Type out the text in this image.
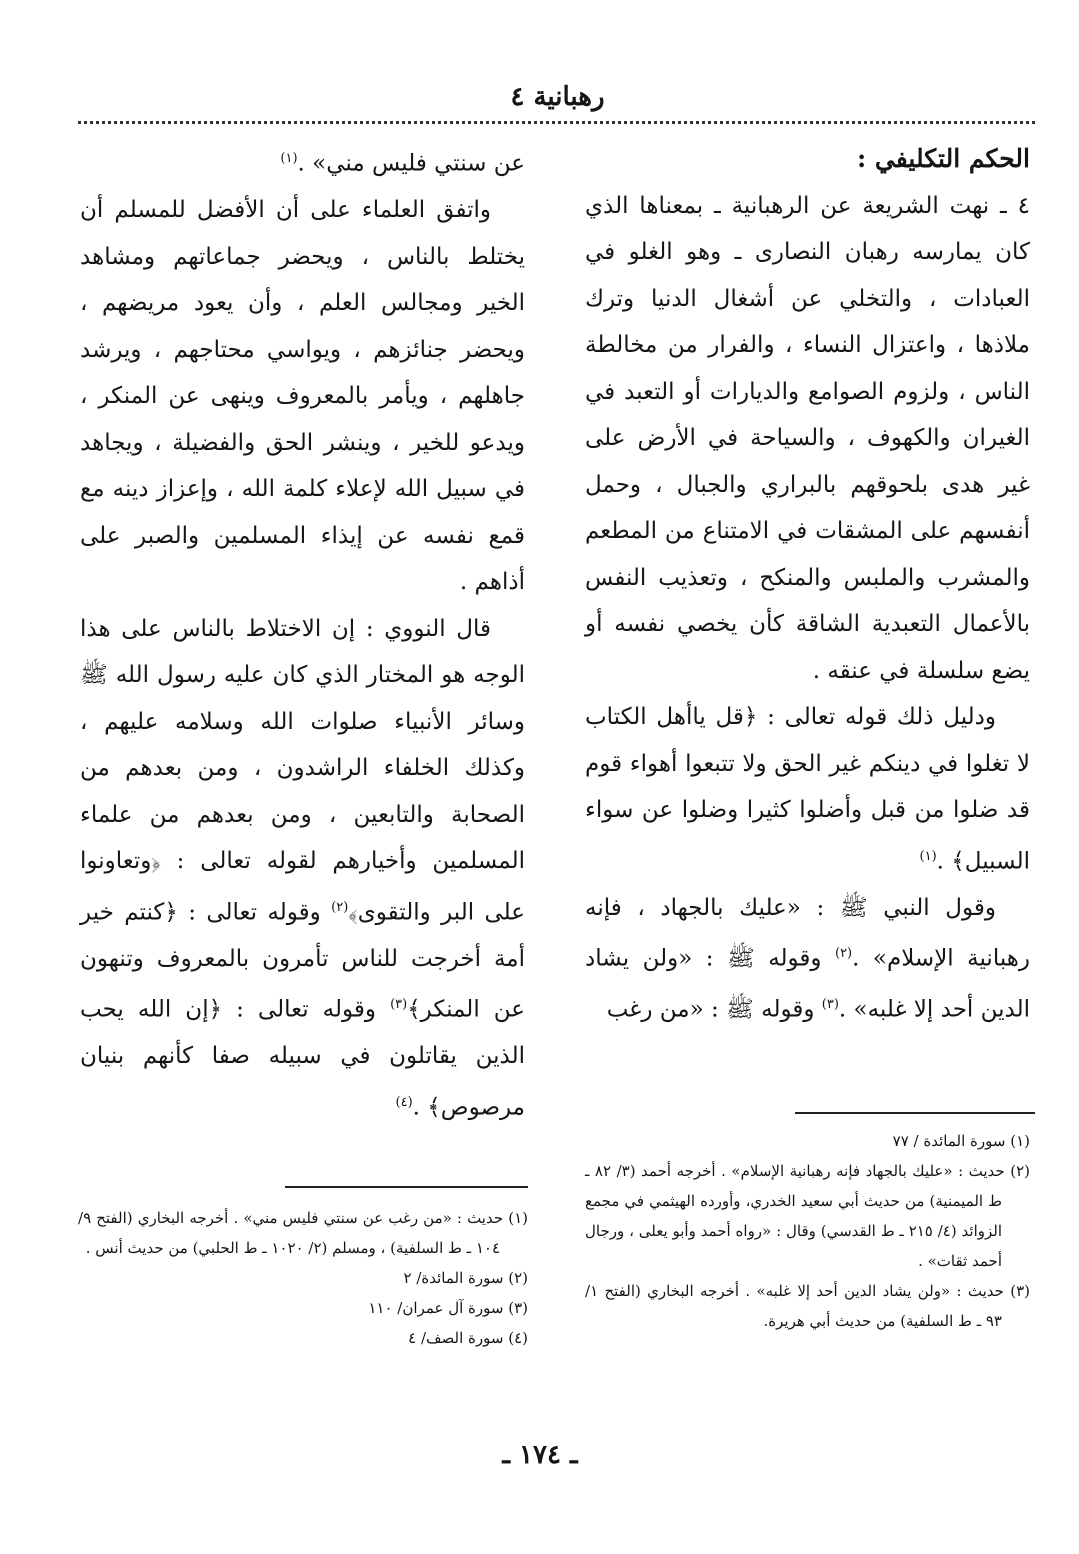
رهبانية ٤

الحكم التكليفي :

٤ ـ نهت الشريعة عن الرهبانية ـ بمعناها الذي كان يمارسه رهبان النصارى ـ وهو الغلو في العبادات ، والتخلي عن أشغال الدنيا وترك ملاذها ، واعتزال النساء ، والفرار من مخالطة الناس ، ولزوم الصوامع والديارات أو التعبد في الغيران والكهوف ، والسياحة في الأرض على غير هدى بلحوقهم بالبراري والجبال ، وحمل أنفسهم على المشقات في الامتناع من المطعم والمشرب والملبس والمنكح ، وتعذيب النفس بالأعمال التعبدية الشاقة كأن يخصي نفسه أو يضع سلسلة في عنقه .

ودليل ذلك قوله تعالى : ﴿قل ياأهل الكتاب لا تغلوا في دينكم غير الحق ولا تتبعوا أهواء قوم قد ضلوا من قبل وأضلوا كثيرا وضلوا عن سواء السبيل﴾ .$^{(١)}$

وقول النبي ﷺ : «عليك بالجهاد ، فإنه رهبانية الإسلام» .$^{(٢)}$ وقوله ﷺ : «ولن يشاد الدين أحد إلا غلبه» .$^{(٣)}$ وقوله ﷺ : «من رغب

عن سنتي فليس مني» .$^{(١)}$

واتفق العلماء على أن الأفضل للمسلم أن يختلط بالناس ، ويحضر جماعاتهم ومشاهد الخير ومجالس العلم ، وأن يعود مريضهم ، ويحضر جنائزهم ، ويواسي محتاجهم ، ويرشد جاهلهم ، ويأمر بالمعروف وينهى عن المنكر ، ويدعو للخير ، وينشر الحق والفضيلة ، ويجاهد في سبيل الله لإعلاء كلمة الله ، وإعزاز دينه مع قمع نفسه عن إيذاء المسلمين والصبر على أذاهم .

قال النووي : إن الاختلاط بالناس على هذا الوجه هو المختار الذي كان عليه رسول الله ﷺ وسائر الأنبياء صلوات الله وسلامه عليهم ، وكذلك الخلفاء الراشدون ، ومن بعدهم من الصحابة والتابعين ، ومن بعدهم من علماء المسلمين وأخيارهم لقوله تعالى : ﴿وتعاونوا على البر والتقوى﴾$^{(٢)}$ وقوله تعالى : ﴿كنتم خير أمة أخرجت للناس تأمرون بالمعروف وتنهون عن المنكر﴾$^{(٣)}$ وقوله تعالى : ﴿إن الله يحب الذين يقاتلون في سبيله صفا كأنهم بنيان مرصوص﴾ .$^{(٤)}$

(١) سورة المائدة / ٧٧

(٢) حديث : «عليك بالجهاد فإنه رهبانية الإسلام» . أخرجه أحمد (٣/ ٨٢ ـ ط الميمنية) من حديث أبي سعيد الخدري، وأورده الهيثمي في مجمع الزوائد (٤/ ٢١٥ ـ ط القدسي) وقال : «رواه أحمد وأبو يعلى ، ورجال أحمد ثقات» .

(٣) حديث : «ولن يشاد الدين أحد إلا غلبه» . أخرجه البخاري (الفتح ١/ ٩٣ ـ ط السلفية) من حديث أبي هريرة.

(١) حديث : «من رغب عن سنتي فليس مني» . أخرجه البخاري (الفتح ٩/ ١٠٤ ـ ط السلفية) ، ومسلم (٢/ ١٠٢٠ ـ ط الحلبي) من حديث أنس .

(٢) سورة المائدة/ ٢

(٣) سورة آل عمران/ ١١٠

(٤) سورة الصف/ ٤

ـ ١٧٤ ـ
